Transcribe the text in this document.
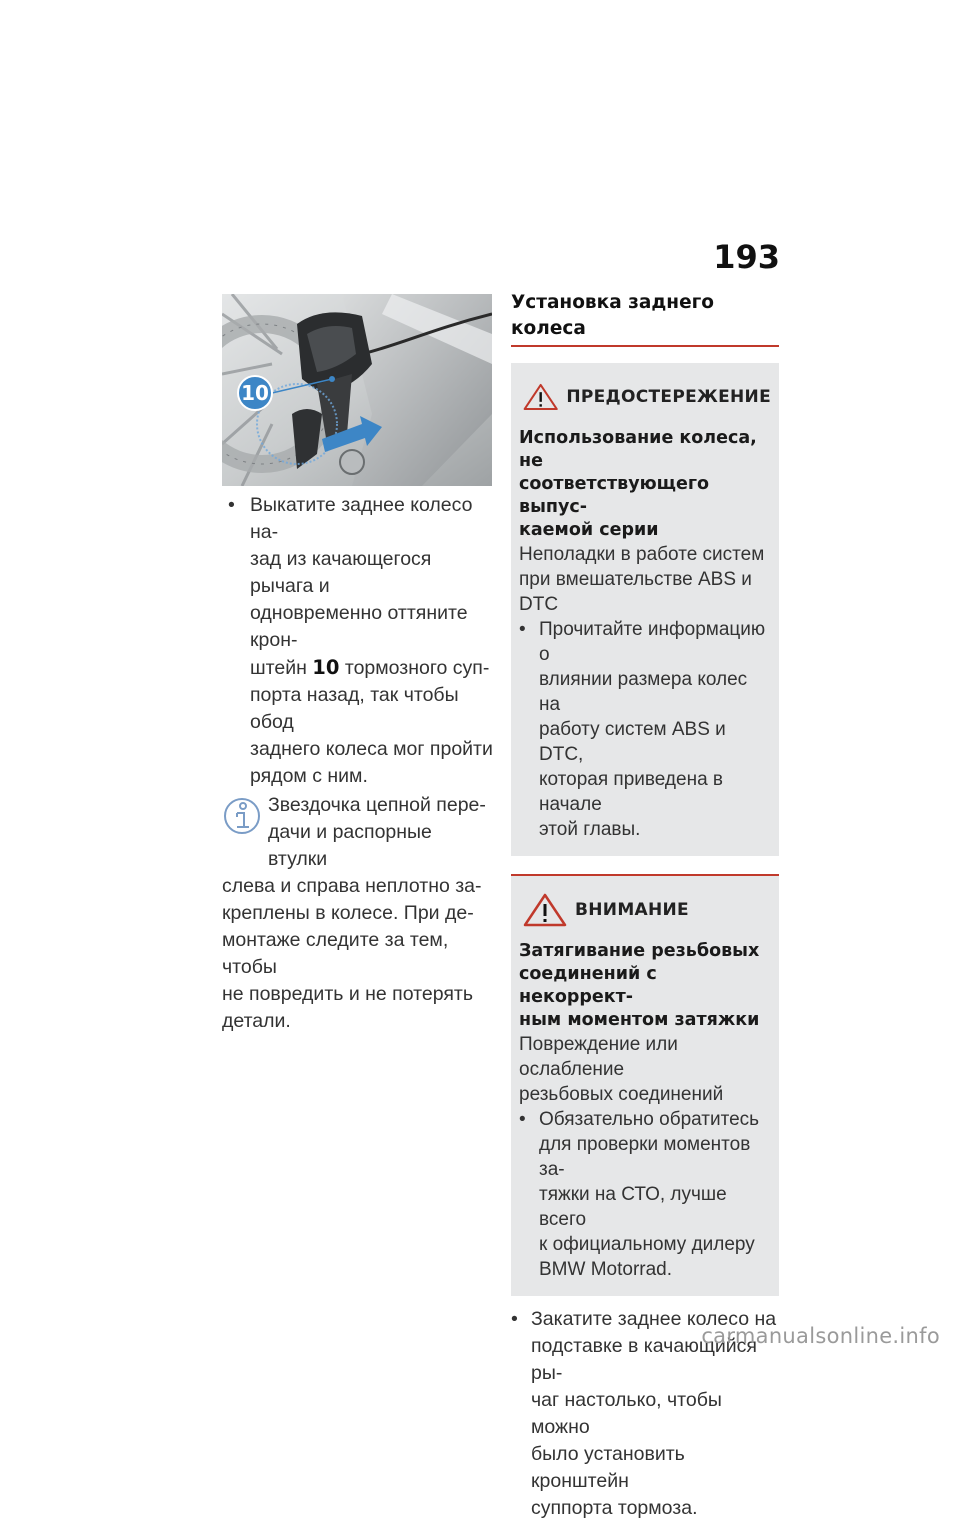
193
10
• Выкатите заднее колесо на-
зад из качающегося рычага и
одновременно оттяните крон-
штейн 10 тормозного суп-
порта назад, так чтобы обод
заднего колеса мог пройти
рядом с ним.
Звездочка цепной пере-
дачи и распорные втулки
слева и справа неплотно за-
креплены в колесе. При де-
монтаже следите за тем, чтобы
не повредить и не потерять
детали.
Установка заднего колеса
ПРЕДОСТЕРЕЖЕНИЕ
Использование колеса, не
соответствующего выпус-
каемой серии
Неполадки в работе систем
при вмешательстве ABS и
DTC
• Прочитайте информацию о
влиянии размера колес на
работу систем ABS и DTC,
которая приведена в начале
этой главы.
ВНИМАНИЕ
Затягивание резьбовых
соединений с некоррект-
ным моментом затяжки
Повреждение или ослабление
резьбовых соединений
• Обязательно обратитесь
для проверки моментов за-
тяжки на СТО, лучше всего
к официальному дилеру
BMW Motorrad.
• Закатите заднее колесо на
подставке в качающийся ры-
чаг настолько, чтобы можно
было установить кронштейн
суппорта тормоза.
carmanualsonline.info
